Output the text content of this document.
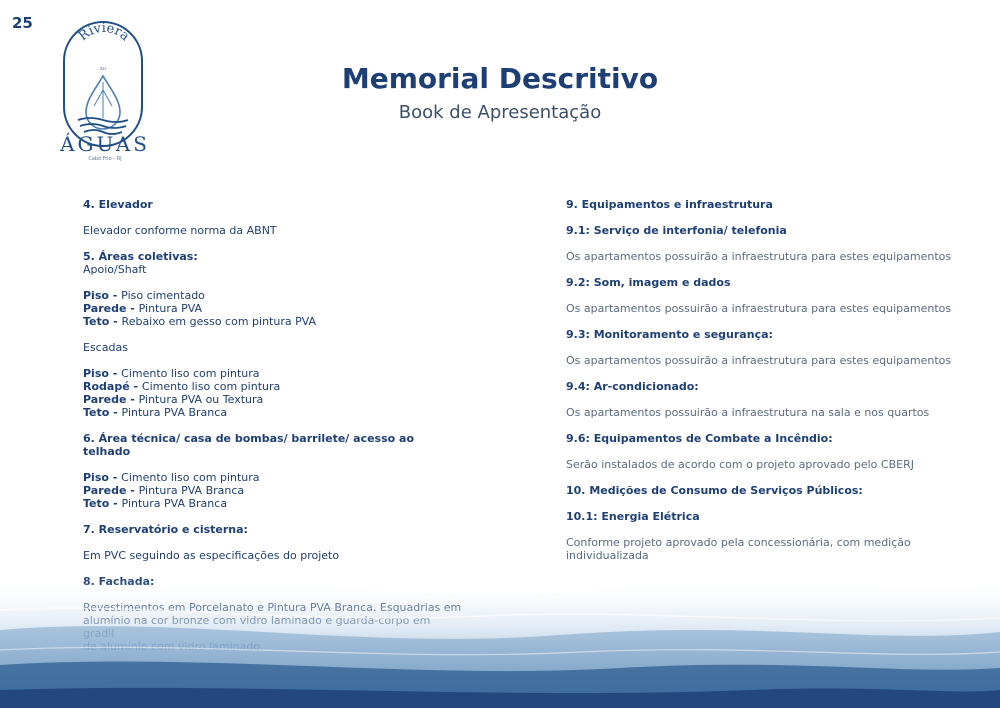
25
Riviera
das
ÁGUAS
Cabo Frio - RJ
Memorial Descritivo
Book de Apresentação

4. Elevador

Elevador conforme norma da ABNT

5. Áreas coletivas:

Apoio/Shaft

Piso - Piso cimentado

Parede - Pintura PVA

Teto - Rebaixo em gesso com pintura PVA

Escadas

Piso - Cimento liso com pintura

Rodapé - Cimento liso com pintura

Parede - Pintura PVA ou Textura

Teto - Pintura PVA Branca

6. Área técnica/ casa de bombas/ barrilete/ acesso ao telhado

Piso - Cimento liso com pintura

Parede - Pintura PVA Branca

Teto - Pintura PVA Branca

7. Reservatório e cisterna:

Em PVC seguindo as especificações do projeto

9. Equipamentos e infraestrutura

9.1: Serviço de interfonia/ telefonia

Os apartamentos possuirão a infraestrutura para estes equipamentos

9.2: Som, imagem e dados

Os apartamentos possuirão a infraestrutura para estes equipamentos

9.3: Monitoramento e segurança:

Os apartamentos possuirão a infraestrutura para estes equipamentos

9.4: Ar-condicionado:

Os apartamentos possuirão a infraestrutura na sala e nos quartos

9.6: Equipamentos de Combate a Incêndio:

Serão instalados de acordo com o projeto aprovado pelo CBERJ

10. Medições de Consumo de Serviços Públicos:

10.1: Energia Elétrica

Conforme projeto aprovado pela concessionária, com medição

individualizada
